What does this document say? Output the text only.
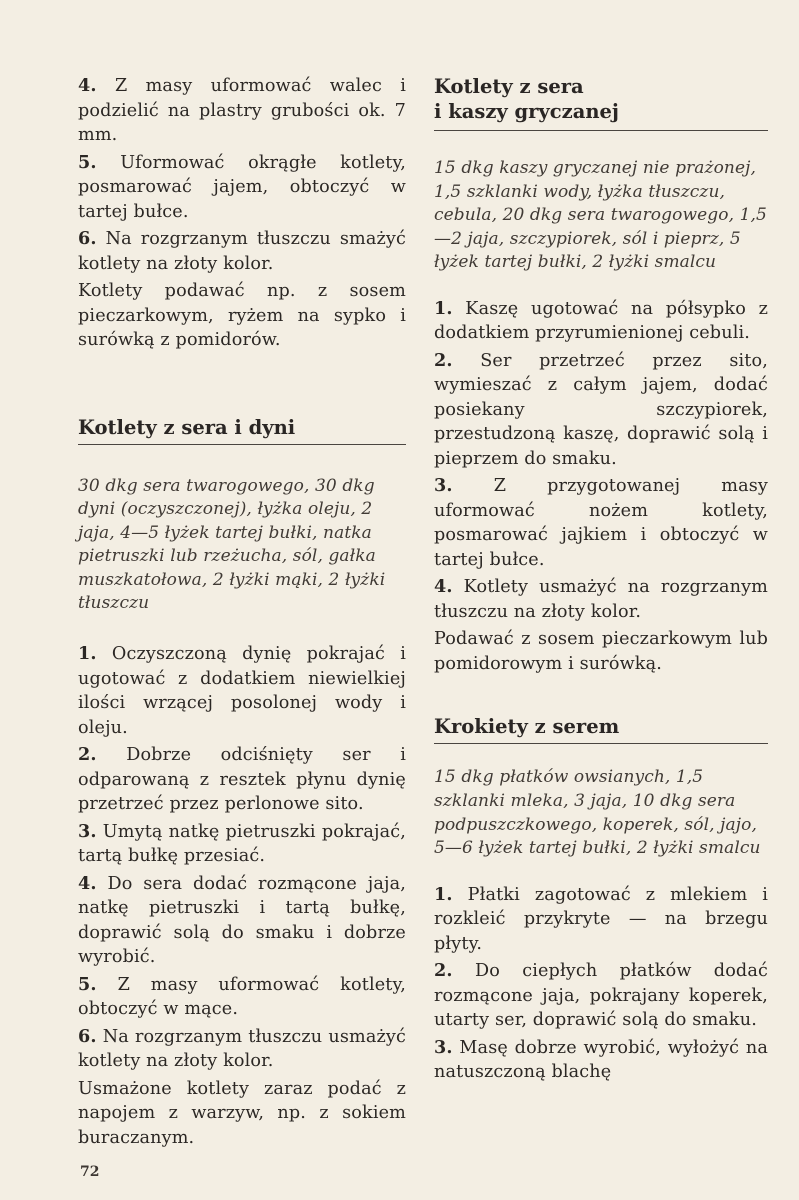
4. Z masy uformować walec i podzielić na plastry grubości ok. 7 mm.

5. Uformować okrągłe kotlety, posmarować jajem, obtoczyć w tartej bułce.

6. Na rozgrzanym tłuszczu smażyć kotlety na złoty kolor.

Kotlety podawać np. z sosem pieczarkowym, ryżem na sypko i surówką z pomidorów.

Kotlety z sera i dyni

30 dkg sera twarogowego, 30 dkg dyni (oczyszczonej), łyżka oleju, 2 jaja, 4—5 łyżek tartej bułki, natka pietruszki lub rzeżucha, sól, gałka muszkatołowa, 2 łyżki mąki, 2 łyżki tłuszczu

1. Oczyszczoną dynię pokrajać i ugotować z dodatkiem niewielkiej ilości wrzącej posolonej wody i oleju.

2. Dobrze odciśnięty ser i odparowaną z resztek płynu dynię przetrzeć przez perlonowe sito.

3. Umytą natkę pietruszki pokrajać, tartą bułkę przesiać.

4. Do sera dodać rozmącone jaja, natkę pietruszki i tartą bułkę, doprawić solą do smaku i dobrze wyrobić.

5. Z masy uformować kotlety, obtoczyć w mące.

6. Na rozgrzanym tłuszczu usmażyć kotlety na złoty kolor.

Usmażone kotlety zaraz podać z napojem z warzyw, np. z sokiem buraczanym.

Kotlety z sera
i kaszy gryczanej

15 dkg kaszy gryczanej nie prażonej, 1,5 szklanki wody, łyżka tłuszczu, cebula, 20 dkg sera twarogowego, 1,5—2 jaja, szczypiorek, sól i pieprz, 5 łyżek tartej bułki, 2 łyżki smalcu

1. Kaszę ugotować na półsypko z dodatkiem przyrumienionej cebuli.

2. Ser przetrzeć przez sito, wymieszać z całym jajem, dodać posiekany szczypiorek, przestudzoną kaszę, doprawić solą i pieprzem do smaku.

3. Z przygotowanej masy uformować nożem kotlety, posmarować jajkiem i obtoczyć w tartej bułce.

4. Kotlety usmażyć na rozgrzanym tłuszczu na złoty kolor.

Podawać z sosem pieczarkowym lub pomidorowym i surówką.

Krokiety z serem

15 dkg płatków owsianych, 1,5 szklanki mleka, 3 jaja, 10 dkg sera podpuszczkowego, koperek, sól, jajo, 5—6 łyżek tartej bułki, 2 łyżki smalcu

1. Płatki zagotować z mlekiem i rozkleić przykryte — na brzegu płyty.

2. Do ciepłych płatków dodać rozmącone jaja, pokrajany koperek, utarty ser, doprawić solą do smaku.

3. Masę dobrze wyrobić, wyłożyć na natuszczoną blachę

72
